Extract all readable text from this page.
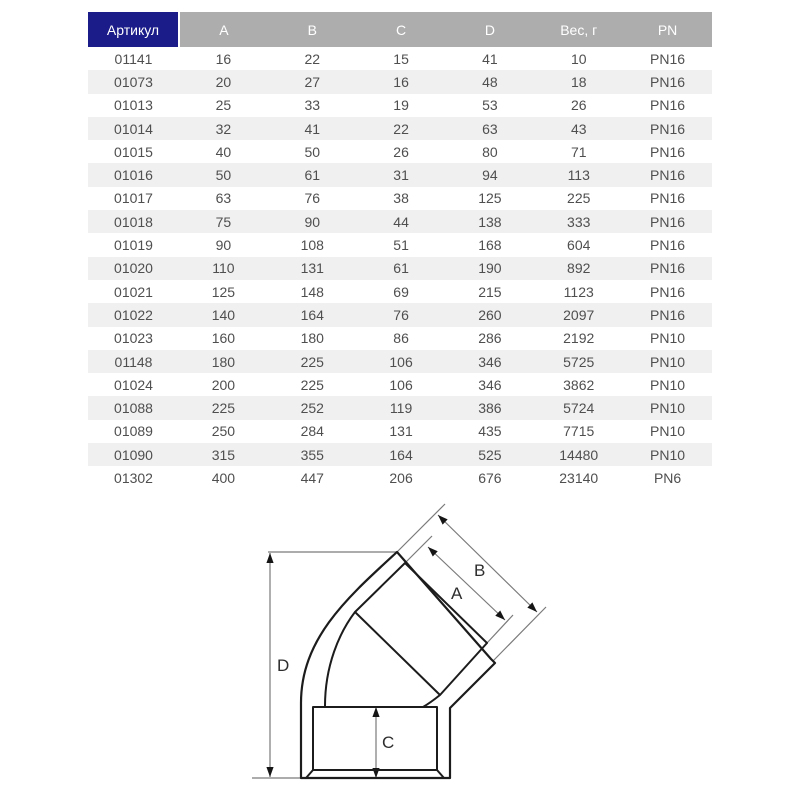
Артикул	A	B	C	D	Вес, г	PN
01141	16	22	15	41	10	PN16
01073	20	27	16	48	18	PN16
01013	25	33	19	53	26	PN16
01014	32	41	22	63	43	PN16
01015	40	50	26	80	71	PN16
01016	50	61	31	94	113	PN16
01017	63	76	38	125	225	PN16
01018	75	90	44	138	333	PN16
01019	90	108	51	168	604	PN16
01020	110	131	61	190	892	PN16
01021	125	148	69	215	1123	PN16
01022	140	164	76	260	2097	PN16
01023	160	180	86	286	2192	PN10
01148	180	225	106	346	5725	PN10
01024	200	225	106	346	3862	PN10
01088	225	252	119	386	5724	PN10
01089	250	284	131	435	7715	PN10
01090	315	355	164	525	14480	PN10
01302	400	447	206	676	23140	PN6
D
C
A
B
